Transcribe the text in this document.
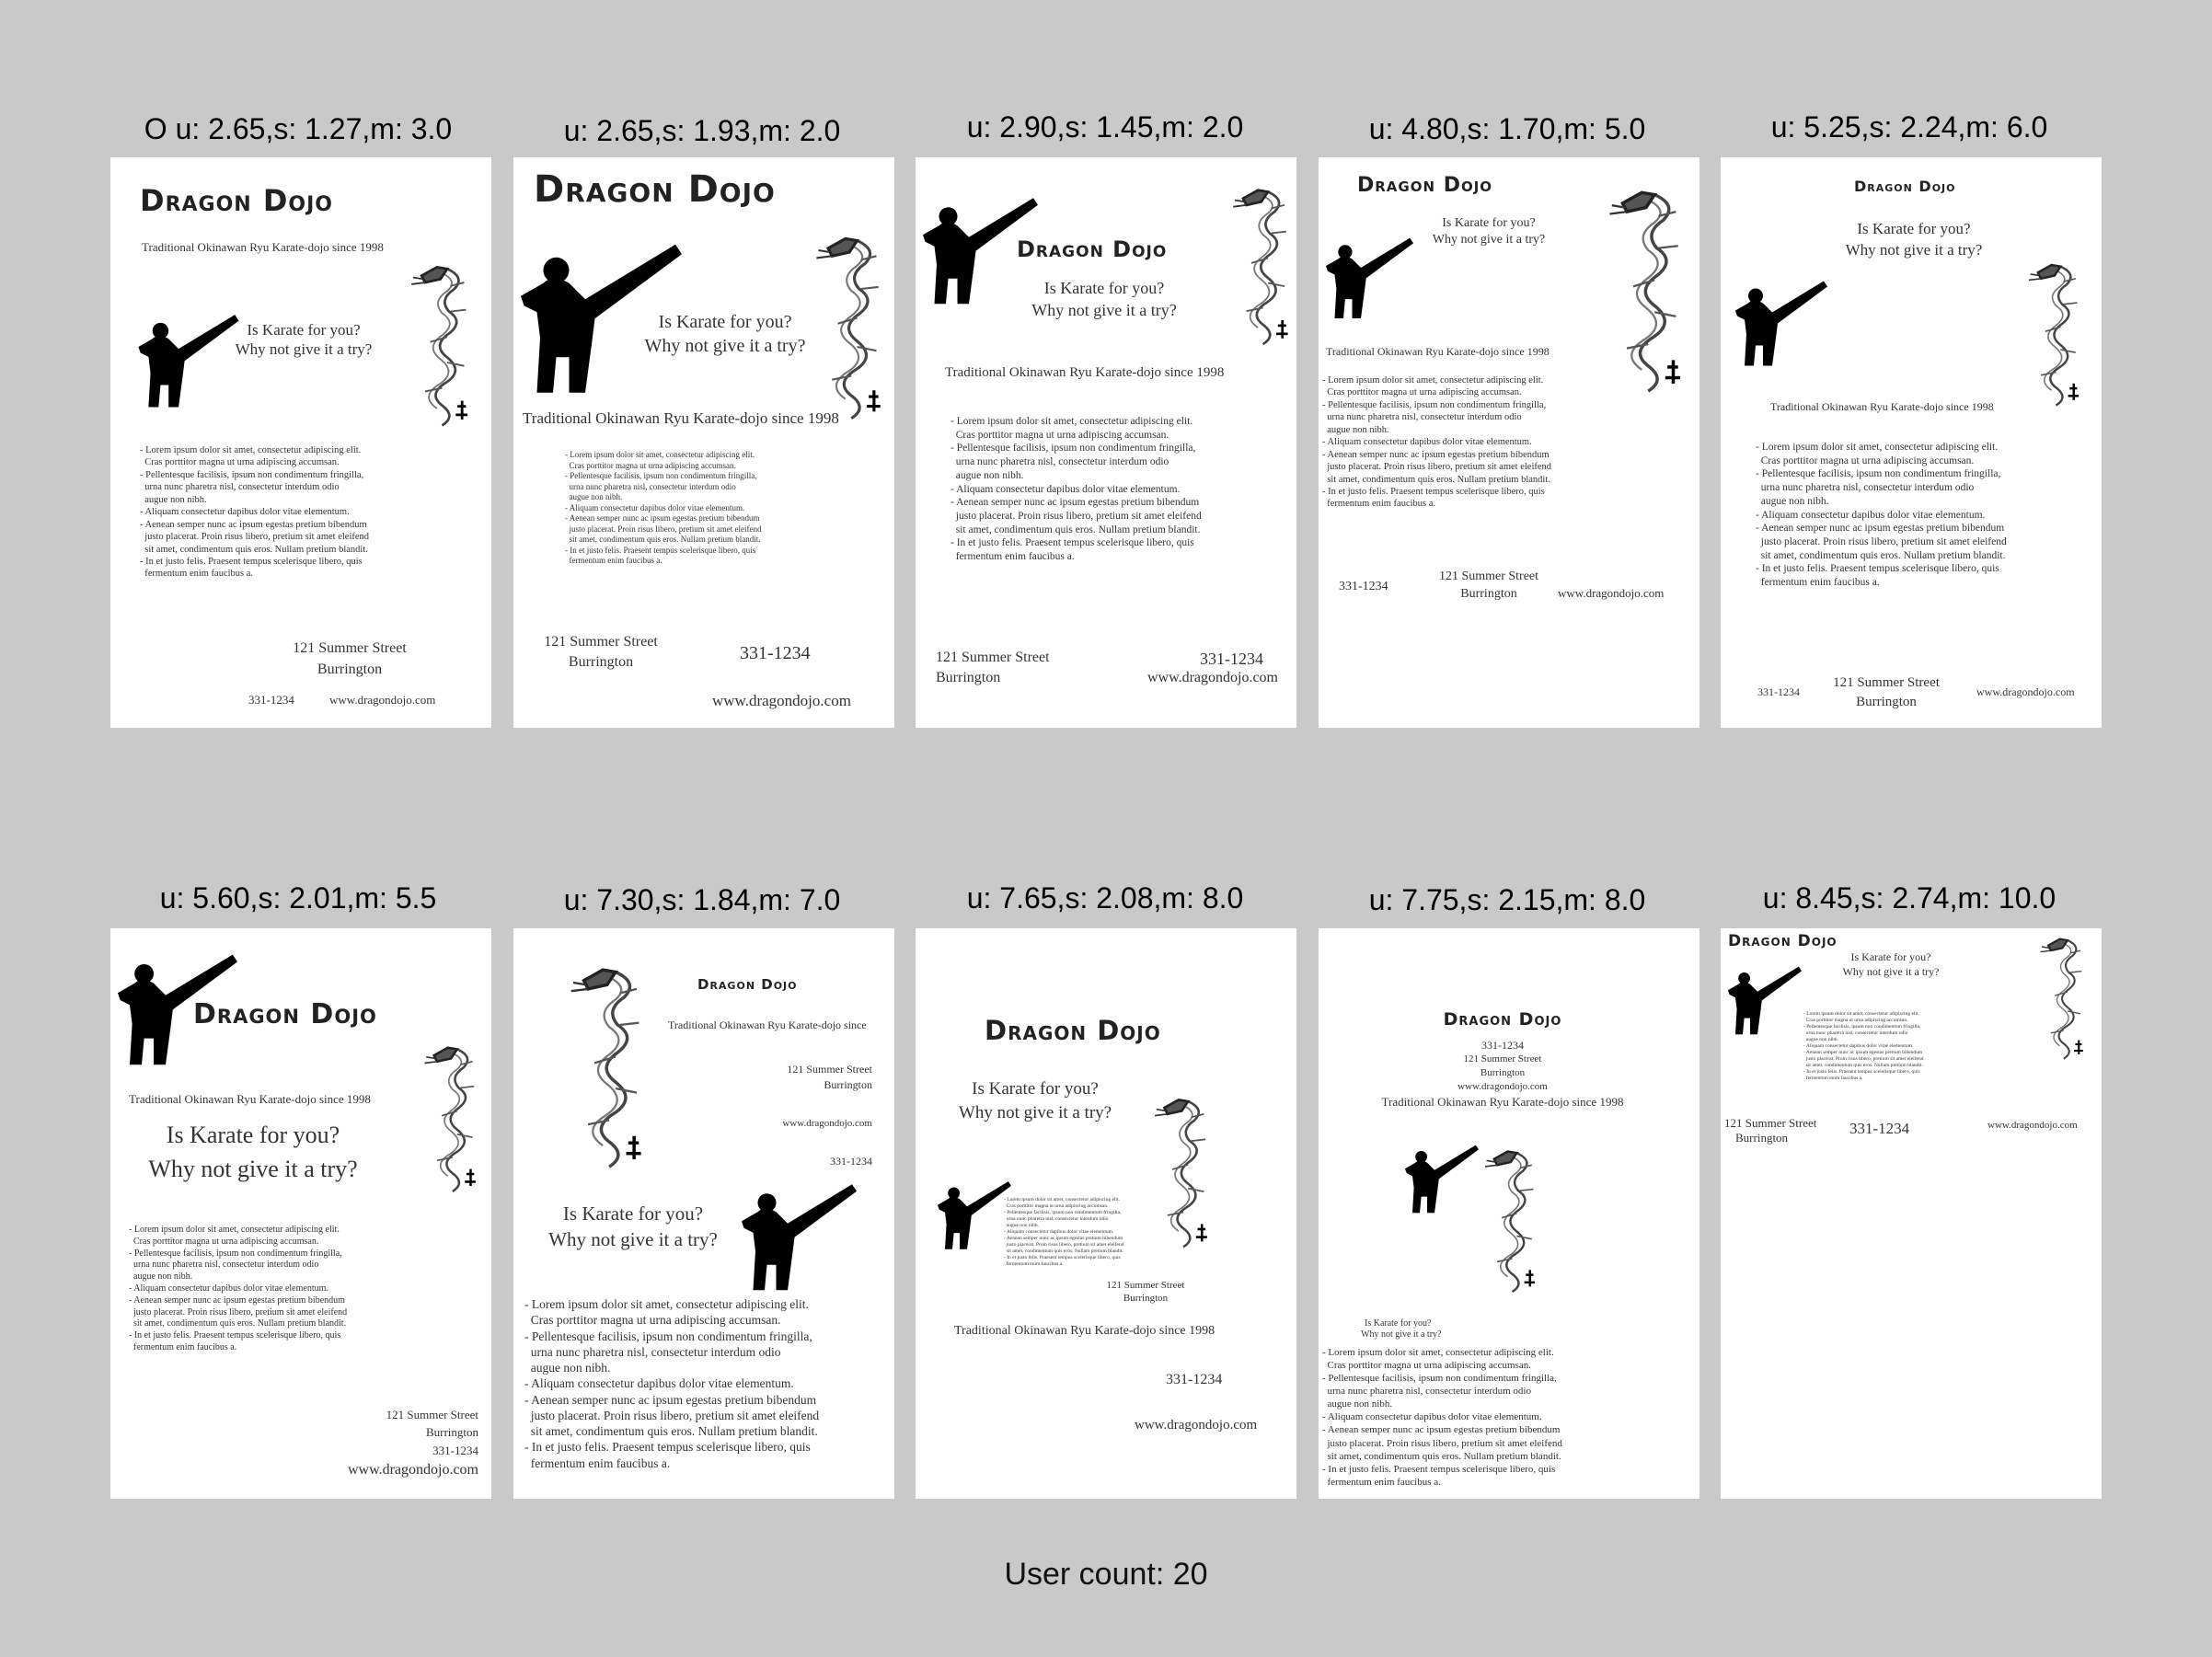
O u: 2.65,s: 1.27,m: 3.0
Dragon Dojo
Traditional Okinawan Ryu Karate-dojo since 1998
Is Karate for you?
Why not give it a try?
- Lorem ipsum dolor sit amet, consectetur adipiscing elit.
Cras porttitor magna ut urna adipiscing accumsan.
- Pellentesque facilisis, ipsum non condimentum fringilla,
urna nunc pharetra nisl, consectetur interdum odio
augue non nibh.
- Aliquam consectetur dapibus dolor vitae elementum.
- Aenean semper nunc ac ipsum egestas pretium bibendum
justo placerat. Proin risus libero, pretium sit amet eleifend
sit amet, condimentum quis eros. Nullam pretium blandit.
- In et justo felis. Praesent tempus scelerisque libero, quis
fermentum enim faucibus a.
121 Summer Street
Burrington
331-1234	www.dragondojo.com
u: 2.65,s: 1.93,m: 2.0
Dragon Dojo
Is Karate for you?
Why not give it a try?
Traditional Okinawan Ryu Karate-dojo since 1998
- Lorem ipsum dolor sit amet, consectetur adipiscing elit.
Cras porttitor magna ut urna adipiscing accumsan.
- Pellentesque facilisis, ipsum non condimentum fringilla,
urna nunc pharetra nisl, consectetur interdum odio
augue non nibh.
- Aliquam consectetur dapibus dolor vitae elementum.
- Aenean semper nunc ac ipsum egestas pretium bibendum
justo placerat. Proin risus libero, pretium sit amet eleifend
sit amet, condimentum quis eros. Nullam pretium blandit.
- In et justo felis. Praesent tempus scelerisque libero, quis
fermentum enim faucibus a.
121 Summer Street
Burrington	331-1234
www.dragondojo.com
u: 2.90,s: 1.45,m: 2.0
Dragon Dojo
Is Karate for you?
Why not give it a try?
Traditional Okinawan Ryu Karate-dojo since 1998
- Lorem ipsum dolor sit amet, consectetur adipiscing elit.
Cras porttitor magna ut urna adipiscing accumsan.
- Pellentesque facilisis, ipsum non condimentum fringilla,
urna nunc pharetra nisl, consectetur interdum odio
augue non nibh.
- Aliquam consectetur dapibus dolor vitae elementum.
- Aenean semper nunc ac ipsum egestas pretium bibendum
justo placerat. Proin risus libero, pretium sit amet eleifend
sit amet, condimentum quis eros. Nullam pretium blandit.
- In et justo felis. Praesent tempus scelerisque libero, quis
fermentum enim faucibus a.
121 Summer Street
Burrington
331-1234
www.dragondojo.com
u: 4.80,s: 1.70,m: 5.0
Dragon Dojo
Is Karate for you?
Why not give it a try?
Traditional Okinawan Ryu Karate-dojo since 1998
- Lorem ipsum dolor sit amet, consectetur adipiscing elit.
Cras porttitor magna ut urna adipiscing accumsan.
- Pellentesque facilisis, ipsum non condimentum fringilla,
urna nunc pharetra nisl, consectetur interdum odio
augue non nibh.
- Aliquam consectetur dapibus dolor vitae elementum.
- Aenean semper nunc ac ipsum egestas pretium bibendum
justo placerat. Proin risus libero, pretium sit amet eleifend
sit amet, condimentum quis eros. Nullam pretium blandit.
- In et justo felis. Praesent tempus scelerisque libero, quis
fermentum enim faucibus a.
331-1234
121 Summer Street
Burrington	www.dragondojo.com
u: 5.25,s: 2.24,m: 6.0
Dragon Dojo
Is Karate for you?
Why not give it a try?
Traditional Okinawan Ryu Karate-dojo since 1998
- Lorem ipsum dolor sit amet, consectetur adipiscing elit.
Cras porttitor magna ut urna adipiscing accumsan.
- Pellentesque facilisis, ipsum non condimentum fringilla,
urna nunc pharetra nisl, consectetur interdum odio
augue non nibh.
- Aliquam consectetur dapibus dolor vitae elementum.
- Aenean semper nunc ac ipsum egestas pretium bibendum
justo placerat. Proin risus libero, pretium sit amet eleifend
sit amet, condimentum quis eros. Nullam pretium blandit.
- In et justo felis. Praesent tempus scelerisque libero, quis
fermentum enim faucibus a.
331-1234
121 Summer Street
Burrington
www.dragondojo.com
u: 5.60,s: 2.01,m: 5.5
Dragon Dojo
Traditional Okinawan Ryu Karate-dojo since 1998
Is Karate for you?
Why not give it a try?
- Lorem ipsum dolor sit amet, consectetur adipiscing elit.
Cras porttitor magna ut urna adipiscing accumsan.
- Pellentesque facilisis, ipsum non condimentum fringilla,
urna nunc pharetra nisl, consectetur interdum odio
augue non nibh.
- Aliquam consectetur dapibus dolor vitae elementum.
- Aenean semper nunc ac ipsum egestas pretium bibendum
justo placerat. Proin risus libero, pretium sit amet eleifend
sit amet, condimentum quis eros. Nullam pretium blandit.
- In et justo felis. Praesent tempus scelerisque libero, quis
fermentum enim faucibus a.
121 Summer Street
Burrington
331-1234
www.dragondojo.com
u: 7.30,s: 1.84,m: 7.0
Dragon Dojo
Traditional Okinawan Ryu Karate-dojo since
121 Summer Street
Burrington
www.dragondojo.com
331-1234
Is Karate for you?
Why not give it a try?
- Lorem ipsum dolor sit amet, consectetur adipiscing elit.
Cras porttitor magna ut urna adipiscing accumsan.
- Pellentesque facilisis, ipsum non condimentum fringilla,
urna nunc pharetra nisl, consectetur interdum odio
augue non nibh.
- Aliquam consectetur dapibus dolor vitae elementum.
- Aenean semper nunc ac ipsum egestas pretium bibendum
justo placerat. Proin risus libero, pretium sit amet eleifend
sit amet, condimentum quis eros. Nullam pretium blandit.
- In et justo felis. Praesent tempus scelerisque libero, quis
fermentum enim faucibus a.
u: 7.65,s: 2.08,m: 8.0
Dragon Dojo
Is Karate for you?
Why not give it a try?
- Lorem ipsum dolor sit amet, consectetur adipiscing elit.
Cras porttitor magna ut urna adipiscing accumsan.
- Pellentesque facilisis, ipsum non condimentum fringilla,
urna nunc pharetra nisl, consectetur interdum odio
augue non nibh.
- Aliquam consectetur dapibus dolor vitae elementum.
- Aenean semper nunc ac ipsum egestas pretium bibendum
justo placerat. Proin risus libero, pretium sit amet eleifend
sit amet, condimentum quis eros. Nullam pretium blandit.
- In et justo felis. Praesent tempus scelerisque libero, quis
fermentum enim faucibus a.
121 Summer Street
Burrington
Traditional Okinawan Ryu Karate-dojo since 1998
331-1234
www.dragondojo.com
u: 7.75,s: 2.15,m: 8.0
Dragon Dojo
331-1234
121 Summer Street
Burrington
www.dragondojo.com
Traditional Okinawan Ryu Karate-dojo since 1998
Is Karate for you?
Why not give it a try?
- Lorem ipsum dolor sit amet, consectetur adipiscing elit.
Cras porttitor magna ut urna adipiscing accumsan.
- Pellentesque facilisis, ipsum non condimentum fringilla,
urna nunc pharetra nisl, consectetur interdum odio
augue non nibh.
- Aliquam consectetur dapibus dolor vitae elementum.
- Aenean semper nunc ac ipsum egestas pretium bibendum
justo placerat. Proin risus libero, pretium sit amet eleifend
sit amet, condimentum quis eros. Nullam pretium blandit.
- In et justo felis. Praesent tempus scelerisque libero, quis
fermentum enim faucibus a.
u: 8.45,s: 2.74,m: 10.0
Dragon Dojo
Is Karate for you?
Why not give it a try?
- Lorem ipsum dolor sit amet, consectetur adipiscing elit.
Cras porttitor magna ut urna adipiscing accumsan.
- Pellentesque facilisis, ipsum non condimentum fringilla,
urna nunc pharetra nisl, consectetur interdum odio
augue non nibh.
- Aliquam consectetur dapibus dolor vitae elementum.
- Aenean semper nunc ac ipsum egestas pretium bibendum
justo placerat. Proin risus libero, pretium sit amet eleifend
sit amet, condimentum quis eros. Nullam pretium blandit.
- In et justo felis. Praesent tempus scelerisque libero, quis
fermentum enim faucibus a.
121 Summer Street
Burrington
331-1234	www.dragondojo.com
User count: 20
